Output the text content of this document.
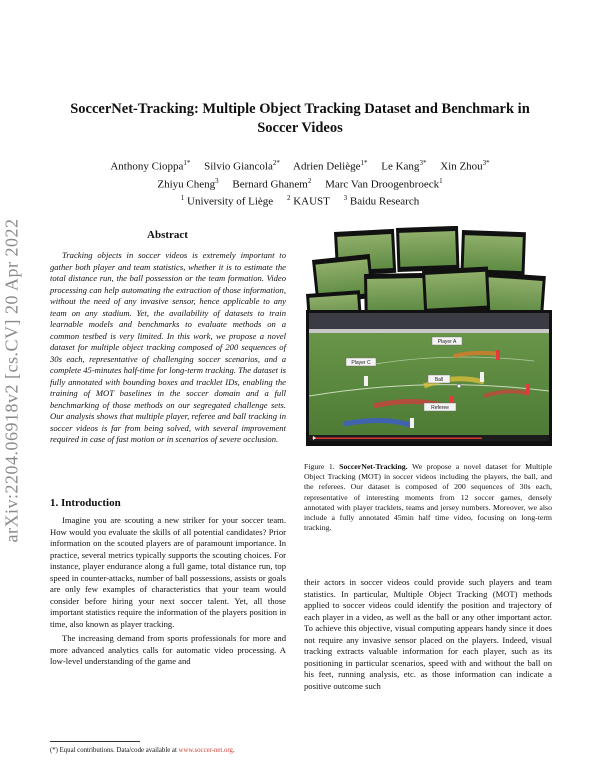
arXiv:2204.06918v2 [cs.CV] 20 Apr 2022
SoccerNet-Tracking: Multiple Object Tracking Dataset and Benchmark in Soccer Videos
Anthony Cioppa$^{1*}$ Silvio Giancola$^{2*}$ Adrien Deliège$^{1*}$ Le Kang$^{3*}$ Xin Zhou$^{3*}$
Zhiyu Cheng$^3$ Bernard Ghanem$^2$ Marc Van Droogenbroeck$^1$
$^1$ University of Liège $^2$ KAUST $^3$ Baidu Research
Abstract

Tracking objects in soccer videos is extremely important to gather both player and team statistics, whether it is to estimate the total distance run, the ball possession or the team formation. Video processing can help automating the extraction of those information, without the need of any invasive sensor, hence applicable to any team on any stadium. Yet, the availability of datasets to train learnable models and benchmarks to evaluate methods on a common testbed is very limited. In this work, we propose a novel dataset for multiple object tracking composed of 200 sequences of 30s each, representative of challenging soccer scenarios, and a complete 45-minutes half-time for long-term tracking. The dataset is fully annotated with bounding boxes and tracklet IDs, enabling the training of MOT baselines in the soccer domain and a full benchmarking of those methods on our segregated challenge sets. Our analysis shows that multiple player, referee and ball tracking in soccer videos is far from being solved, with several improvement required in case of fast motion or in scenarios of severe occlusion.

1. Introduction

Imagine you are scouting a new striker for your soccer team. How would you evaluate the skills of all potential candidates? Prior information on the scouted players are of paramount importance. In practice, several metrics typically supports the scouting choices. For instance, player endurance along a full game, total distance run, top speed in counter-attacks, number of ball possessions, assists or goals are only few examples of characteristics that your team would consider before hiring your next soccer talent. Yet, all those important statistics require the information of the players position in time, also known as player tracking.

The increasing demand from sports professionals for more and more advanced analytics calls for automatic video processing. A low-level understanding of the game and

(*) Equal contributions. Data/code available at www.soccer-net.org.
Player A
Player C
Ball
Referee
Figure 1. SoccerNet-Tracking. We propose a novel dataset for Multiple Object Tracking (MOT) in soccer videos including the players, the ball, and the referees. Our dataset is composed of 200 sequences of 30s each, representative of interesting moments from 12 soccer games, densely annotated with player tracklets, teams and jersey numbers. Moreover, we also include a fully annotated 45min half time video, focusing on long-term tracking.

their actors in soccer videos could provide such players and team statistics. In particular, Multiple Object Tracking (MOT) methods applied to soccer videos could identify the position and trajectory of each player in a video, as well as the ball or any other important actor. To achieve this objective, visual computing appears handy since it does not require any invasive sensor placed on the players. Indeed, visual tracking extracts valuable information for each player, such as its positioning in particular scenarios, speed with and without the ball on his feet, running analysis, etc. as those information can indicate a positive outcome such
